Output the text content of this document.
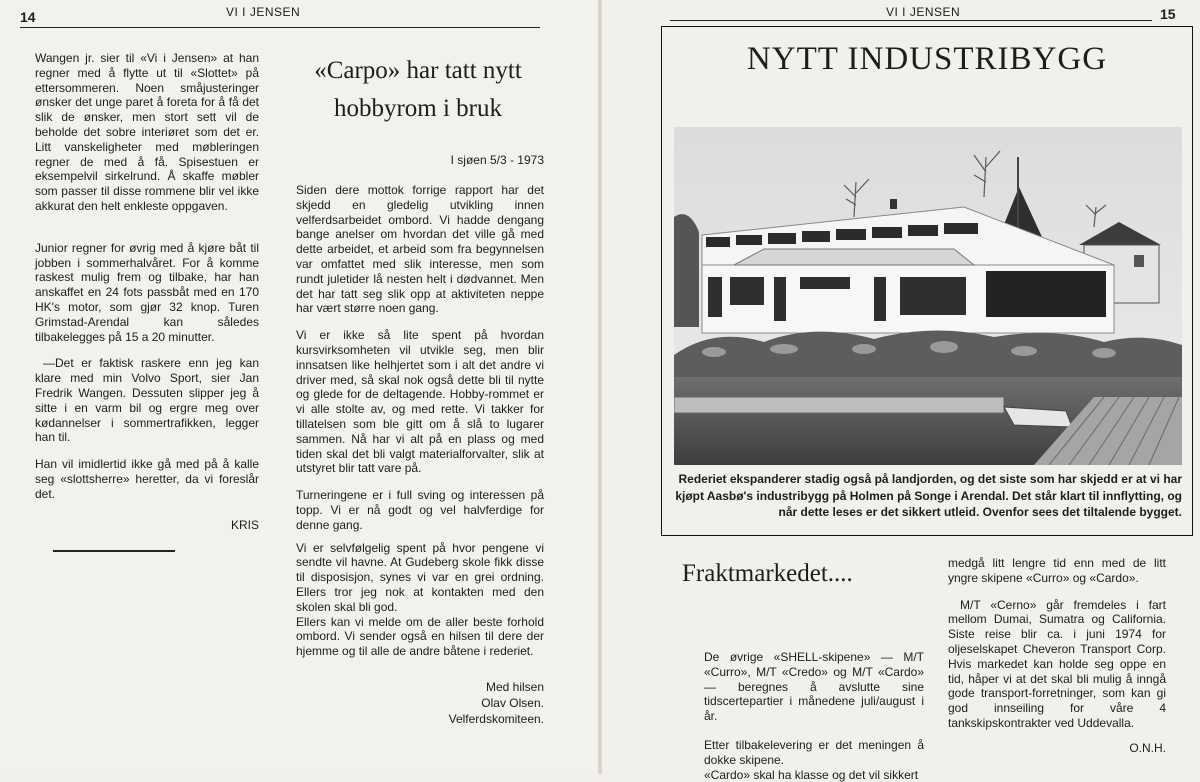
14	VI I JENSEN

Wangen jr. sier til «Vi i Jensen» at han regner med å flytte ut til «Slottet» på ettersommeren. Noen småjusteringer ønsker det unge paret å foreta for å få det slik de ønsker, men stort sett vil de beholde det sobre interiøret som det er. Litt vanskeligheter med møbleringen regner de med å få. Spisestuen er eksempelvil sirkelrund. Å skaffe møbler som passer til disse rommene blir vel ikke akkurat den helt enkleste oppgaven.

Junior regner for øvrig med å kjøre båt til jobben i sommerhalvåret. For å komme raskest mulig frem og tilbake, har han anskaffet en 24 fots passbåt med en 170 HK's motor, som gjør 32 knop. Turen Grimstad-Arendal kan således tilbakelegges på 15 a 20 minutter.

—Det er faktisk raskere enn jeg kan klare med min Volvo Sport, sier Jan Fredrik Wangen. Dessuten slipper jeg å sitte i en varm bil og ergre meg over kødannelser i sommertrafikken, legger han til.

Han vil imidlertid ikke gå med på å kalle seg «slottsherre» heretter, da vi foreslår det.

KRIS
«Carpo» har tatt nytt hobbyrom i bruk
I sjøen 5/3 - 1973

Siden dere mottok forrige rapport har det skjedd en gledelig utvikling innen velferdsarbeidet ombord. Vi hadde dengang bange anelser om hvordan det ville gå med dette arbeidet, et arbeid som fra begynnelsen var omfattet med slik interesse, men som rundt juletider lå nesten helt i dødvannet. Men det har tatt seg slik opp at aktiviteten neppe har vært større noen gang.

Vi er ikke så lite spent på hvordan kursvirksomheten vil utvikle seg, men blir innsatsen like helhjertet som i alt det andre vi driver med, så skal nok også dette bli til nytte og glede for de deltagende. Hobby-rommet er vi alle stolte av, og med rette. Vi takker for tillatelsen som ble gitt om å slå to lugarer sammen. Nå har vi alt på en plass og med tiden skal det bli valgt materialforvalter, slik at utstyret blir tatt vare på.

Turneringene er i full sving og interessen på topp. Vi er nå godt og vel halvferdige for denne gang.

Vi er selvfølgelig spent på hvor pengene vi sendte vil havne. At Gudeberg skole fikk disse til disposisjon, synes vi var en grei ordning. Ellers tror jeg nok at kontakten med den skolen skal bli god.

Ellers kan vi melde om de aller beste forhold ombord. Vi sender også en hilsen til dere der hjemme og til alle de andre båtene i rederiet.

Med hilsen
Olav Olsen.
Velferdskomiteen.
VI I JENSEN	15
NYTT INDUSTRIBYGG
Rederiet ekspanderer stadig også på landjorden, og det siste som har skjedd er at vi har kjøpt Aasbø's industribygg på Holmen på Songe i Arendal. Det står klart til innflytting, og når dette leses er det sikkert utleid. Ovenfor sees det tiltalende bygget.
Fraktmarkedet....

De øvrige «SHELL-skipene» — M/T «Curro», M/T «Credo» og M/T «Cardo» — beregnes å avslutte sine tidscertepartier i månedene juli/august i år.

Etter tilbakelevering er det meningen å dokke skipene.

«Cardo» skal ha klasse og det vil sikkert

medgå litt lengre tid enn med de litt yngre skipene «Curro» og «Cardo».

M/T «Cerno» går fremdeles i fart mellom Dumai, Sumatra og California. Siste reise blir ca. i juni 1974 for oljeselskapet Cheveron Transport Corp. Hvis markedet kan holde seg oppe en tid, håper vi at det skal bli mulig å inngå gode transport-forretninger, som kan gi god innseiling for våre 4 tankskipskontrakter ved Uddevalla.

O.N.H.
